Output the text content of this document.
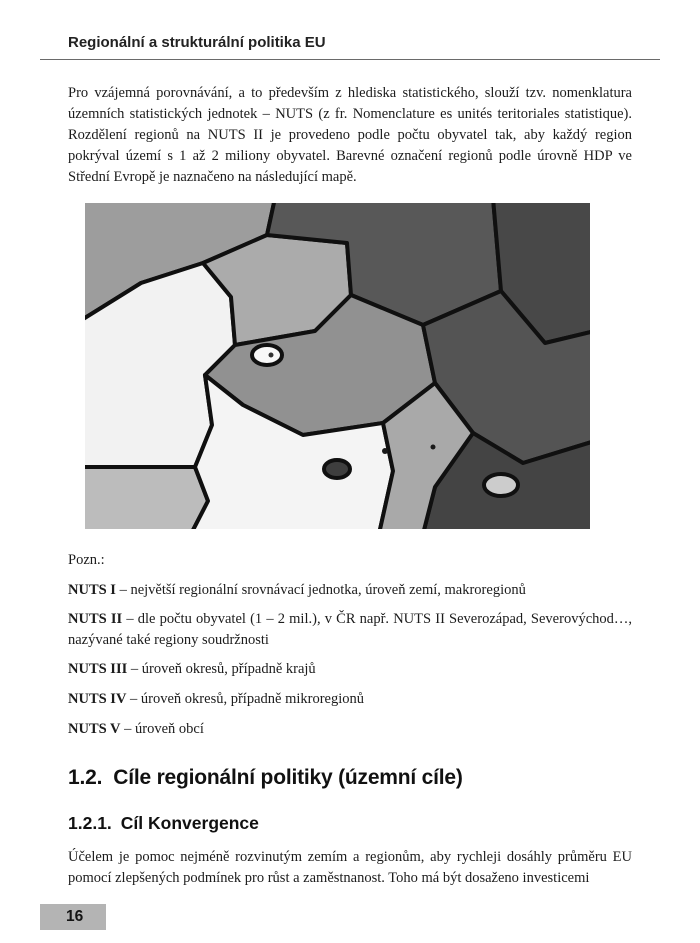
Regionální a strukturální politika EU

Pro vzájemná porovnávání, a to především z hlediska statistického, slouží tzv. nomenklatura územních statistických jednotek – NUTS (z fr. Nomenclature es unités teritoriales statistique). Rozdělení regionů na NUTS II je provedeno podle počtu obyvatel tak, aby každý region pokrýval území s 1 až 2 miliony obyvatel. Barevné označení regionů podle úrovně HDP ve Střední Evropě je naznačeno na následující mapě.

Pozn.:

NUTS I – největší regionální srovnávací jednotka, úroveň zemí, makroregionů

NUTS II – dle počtu obyvatel (1 – 2 mil.), v ČR např. NUTS II Severozápad, Severovýchod…, nazývané také regiony soudržnosti

NUTS III – úroveň okresů, případně krajů

NUTS IV – úroveň okresů, případně mikroregionů

NUTS V – úroveň obcí

1.2. Cíle regionální politiky (územní cíle)
1.2.1. Cíl Konvergence

Účelem je pomoc nejméně rozvinutým zemím a regionům, aby rychleji dosáhly průměru EU pomocí zlepšených podmínek pro růst a zaměstnanost. Toho má být dosaženo investicemi

16
